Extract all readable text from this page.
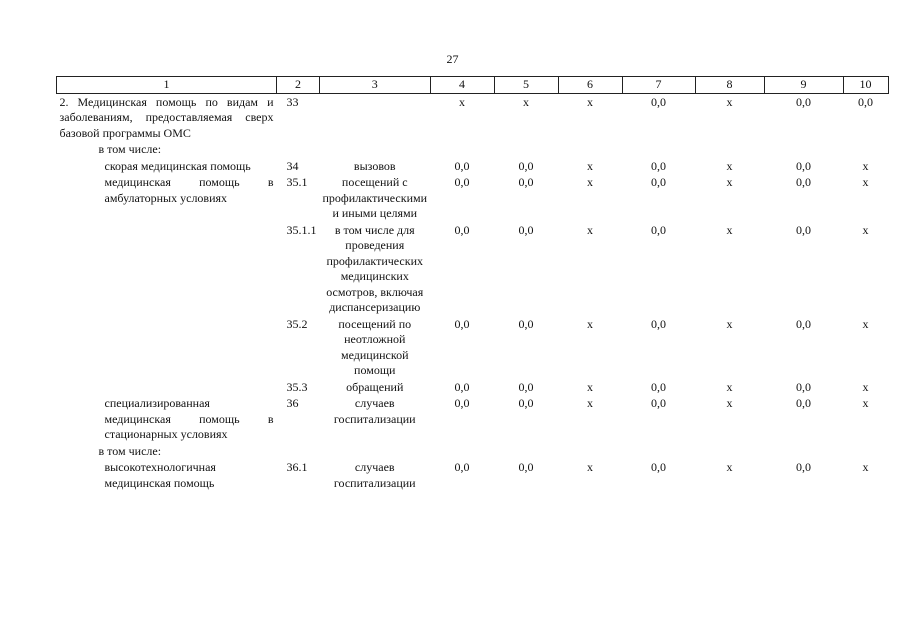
27
1	2	3	4	5	6	7	8	9	10
2. Медицинская помощь по видам и заболеваниям, предоставляемая сверх базовой программы ОМС	33		х	х	х	0,0	х	0,0	0,0
в том числе:									
скорая медицинская помощь	34	вызовов	0,0	0,0	х	0,0	х	0,0	х
медицинская помощь в амбулаторных условиях	35.1	посещений с профилактическими и иными целями	0,0	0,0	х	0,0	х	0,0	х
	35.1.1	в том числе для проведения профилактических медицинских осмотров, включая диспансеризацию	0,0	0,0	х	0,0	х	0,0	х
	35.2	посещений по неотложной медицинской помощи	0,0	0,0	х	0,0	х	0,0	х
	35.3	обращений	0,0	0,0	х	0,0	х	0,0	х
специализированная медицинская помощь в стационарных условиях	36	случаев госпитализации	0,0	0,0	х	0,0	х	0,0	х
в том числе:									
высокотехнологичная медицинская помощь	36.1	случаев госпитализации	0,0	0,0	х	0,0	х	0,0	х
